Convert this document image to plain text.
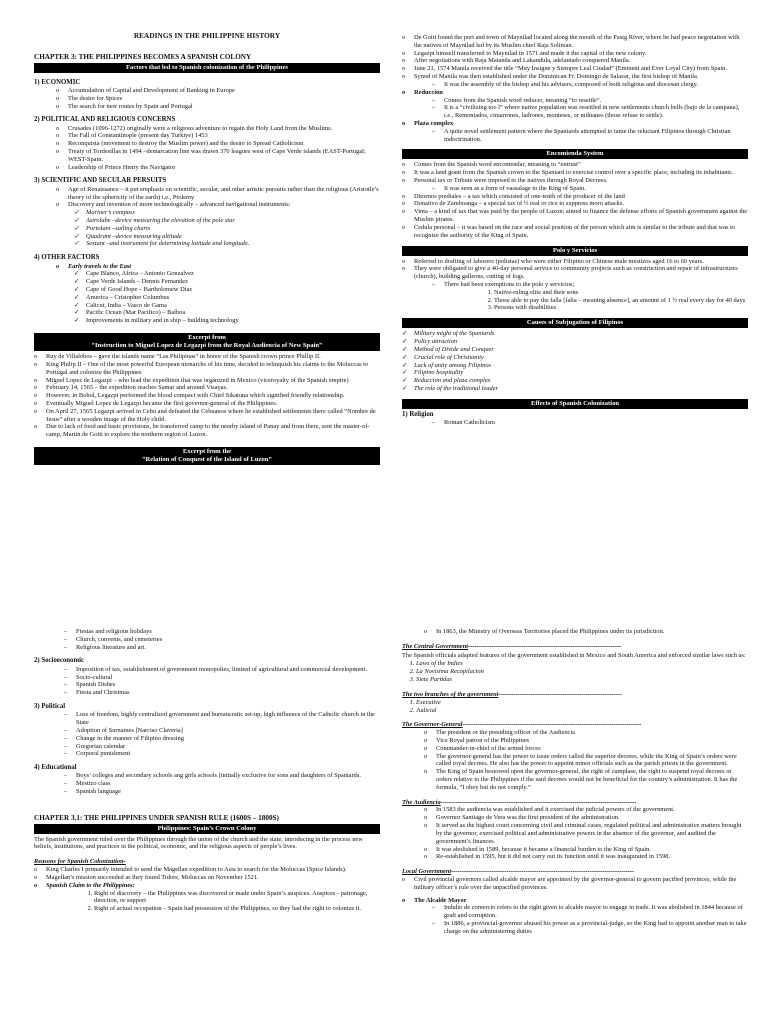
READINGS IN THE PHILIPPINE HISTORY
CHAPTER 3: THE PHILIPPINES BECOMES A SPANISH COLONY
Factors that led to Spanish colonization of the Philippines
1) ECONOMIC
o Accumulation of Capital and Development of Banking in Europe
o The desire for Spices
o The search for new routes by Spain and Portugal
2) POLITICAL AND RELIGIOUS CONCERNS
o Crusades (1096-1272) originally were a religious adventure to regain the Holy Land from the Muslims.
o The Fall of Constantinople (present day Turkiye) 1453
o Reconquista (movement to destroy the Muslim power) and the desire to Spread Catholicism
o Treaty of Tordesillas in 1494 –demarcation line was drawn 370 leagues west of Cape Verde islands (EAST-Portugal; WEST-Spain.
o Leadership of Prince Henry the Navigator
3) SCIENTIFIC AND SECULAR PERSUITS
o Age of Renaissance – it put emphasis on scientific, secular, and other artistic pursuits rather than the religious (Aristotle’s theory of the sphericity of the earth) i.e., Ptolemy
o Discovery and invention of more technologically – advanced navigational instruments:
✓ Mariner’s compass
✓ Astrolabe –device measuring the elevation of the pole star
✓ Portolani –sailing charts
✓ Quadrant –device measuring altitude
✓ Sextant –and instrument for determining latitude and longitude.
4) OTHER FACTORS
o Early travels to the East
✓ Cape Blanco, Africa – Antonio Gonzalvez
✓ Cape Verde Islands – Dennis Fernandez
✓ Cape of Good Hope – Bartholomew Diaz
✓ America – Cristopher Columbus
✓ Calicut, India – Vasco de Gama
✓ Pacific Ocean (Mar Pacifico) – Balboa
✓ Improvements in military and in ship – building technology
Excerpt from
“Instruction to Miguel Lopez de Legazpi from the Royal Audiencia of New Spain”
o Ruy de Villalobos – gave the islands name “Las Philipinas” in honor of the Spanish crown prince Phillip II.
o King Philip II – One of the most powerful European monarchs of his time, decided to relinquish his claims to the Moluccas to Portugal and colonize the Philippines
o Miguel Lopez de Legazpi – who lead the expedition that was organized in Mexico (viceroyalty of the Spanish empire)
o February 14, 1565 – the expedition reaches Samar and around Visayas.
o However, in Bohol, Legazpi performed the blood compact with Chief Sikatuna which signified friendly relationship.
o Eventually Miguel Lopez de Legazpi became the first governor-general of the Philippines.
o On April 27, 1565 Legazpi arrived in Cebu and defeated the Cebuanos where he established settlements there called “Nombre de Jesus” after a wooden image of the Holy child.
o Due to lack of food and basic provisions, he transferred camp to the nearby island of Panay and from there, sent the master-of-camp, Martin de Goiti to explore the northern region of Luzon.
Excerpt from the
“Relation of Conquest of the Island of Luzon”
– Fiestas and religious holidays
– Church, convents, and cemeteries
– Religious literature and art.
2) Socioeconomic
– Imposition of tax, establishment of government monopolies, limited of agricultural and commercial development.
– Socio-cultural
– Spanish Dishes
– Fiesta and Christmas
3) Political
– Loss of freedom, highly centralized government and bureaucratic set-up, high influence of the Catholic church in the State
– Adoption of Surnames [Narciso Claveria]
– Change in the manner of Filipino dressing
– Gregorian calendar
– Corporal punishment
4) Educational
– Boys’ colleges and secondary schools ang girls schools [initially exclusive for sons and daughters of Spaniards.
– Mestizo class
– Spanish language
CHAPTER 3.1: THE PHILIPPINES UNDER SPANISH RULE (1600S – 1800S)
Philippines: Spain’s Crown Colony
The Spanish government ruled over the Philippines through the union of the church and the state, introducing in the process new beliefs, institutions, and practices in the political, economic, and the religious aspects of people’s lives.
Reasons for Spanish Colonization-
o King Charles I primarily intended to send the Magellan expedition to Asia to search for the Moluccas (Spice Islands).
o Magellan’s mission succeeded as they found Tidore, Moluccas on November 1521.
o Spanish Claim to the Philippines:
1. Right of discovery – the Philippines was discovered or made under Spain’s auspices. Auspices - patronage, direction, or support
2. Right of actual occupation – Spain had possession of the Philippines, so they had the right to colonize it.
o De Goiti found the port and town of Maynilad located along the mouth of the Pasig River, where he had peace negotiation with the natives of Maynilad led by its Muslim chief Raja Soliman.
o Legazpi himself transferred to Maynilad in 1571 and made it the capital of the new colony.
o After negotiations with Raja Matanda and Lakandula, adelantado conquered Manila.
o June 21, 1574 Manila received the title “Muy Insigne y Siempre Leal Ciudad” (Eminent and Ever Loyal City) from Spain.
o Synod of Manila was then established under the Dominican Fr. Domingo de Salazar, the first bishop of Manila.
– It was the assembly of the bishop and his advisers, composed of both religious and diocesan clergy.
o Reduccion
– Comes from the Spanish word reducer, meaning “to resettle”.
– It is a “civilizing too l” where native population was resettled in new settlements church bells (bajo de la campana), i.e., Remontados, cimarrones, ladrones, monteses, or milnanes (those refuse to settle).
o Plaza complex
– A quite novel settlement pattern where the Spaniards attempted to tame the reluctant Filipinos through Christian indoctrination.
Encomienda System
o Comes from the Spanish word encomendar, meaning to “entrust”
o It was a land grant from the Spanish crown to the Spaniard to exercise control over a specific place, including its inhabitants.
o Personal tax or Tribute were imposed to the natives through Royal Decrees.
– It was seen as a form of vassalage to the King of Spain.
o Diezmos prediales – a tax which consisted of one-tenth of the producer of the land
o Donativo de Zamboanga – a special tax of ½ real or rice to suppress moro attacks.
o Vinta – a kind of tax that was paid by the people of Luzon; aimed to finance the defense efforts of Spanish government against the Muslim pirates.
o Cedula personal – it was based on the race and social position of the person which aim is similar to the tribute and that was to recognize the authority of the King of Spain.
Polo y Servicios
o Referred to drafting of laborers (polistas) who were either Filipino or Chinese male mestizos aged 16 to 60 years.
o They were obligated to give a 40-day personal service to community projects such as construction and repair of infrastructures (church), building galleons, cutting of logs.
– There had been exemptions to the polo y servicios;
1. Native-ruling elite and their sons
2. Those able to pay the falla [falta – meaning absence], an amount of 1 ½ real every day for 40 days
3. Persons with disabilities
Causes of Subjugation of Filipinos
✓ Military might of the Spaniards
✓ Policy attraction
✓ Method of Divide and Conquer
✓ Crucial role of Christianity
✓ Lack of unity among Filipinos
✓ Filipino hospitality
✓ Reduccion and plaza complex
✓ The role of the traditional leader
Effects of Spanish Colonization
1) Religion
– Roman Catholicism
o In 1863, the Ministry of Overseas Territories placed the Philippines under its jurisdiction.
The Central Government------------------------------------------------------------------------
The Spanish officials adapted features of the government established in Mexico and South America and enforced similar laws such as:
1. Laws of the Indies
2. La Novisima Recopilacion
3. Siete Partidas
The two branches of the government----------------------------------------------------------
1. Executive
2. Judicial
The Governor-General------------------------------------------------------------------------------------
o The president or the presiding officer of the Audiencia
o Vice Royal patron of the Philippines
o Commander-in-chief of the armed forces
o The governor-general has the power to issue orders called the superior decrees, while the King of Spain’s orders were called royal decrees. He also has the power to appoint minor officials such as the parish priests in the government.
o The King of Spain bestowed upon the governor-general, the right of cumplase, the right to suspend royal decrees or orders relative to the Philippines if the said decrees would not be beneficial for the country’s administration. It has the formula, “I obey but do not comply.”
The Audiencia--------------------------------------------------------------------------------------------
o In 1583 the audiencia was established and it exercised the judicial powers of the government.
o Governor Santiago de Vera was the first president of the administration.
o It served as the highest court concerning civil and criminal cases, regulated political and administrative matters brought by the governor, exercised political and administrative powers in the absence of the governor, and audited the government’s finances.
o It was abolished in 1589, because it became a financial burden to the King of Spain.
o Re-established in 1595, but it did not carry out its function until it was inaugurated in 1598.
Local Government--------------------------------------------------------------------------------------
o Civil provincial governors called alcalde mayor are appointed by the governor-general to govern pacified provinces, while the military officer’s rule over the unpacified provinces.
o The Alcalde Mayor
– Indulto de comercio refers to the right given to alcalde mayor to engage in trade. It was abolished in 1844 because of graft and corruption.
– In 1886, a provincial-governor abused his power as a provincial-judge, so the King had to appoint another man to take charge on the administering duties
